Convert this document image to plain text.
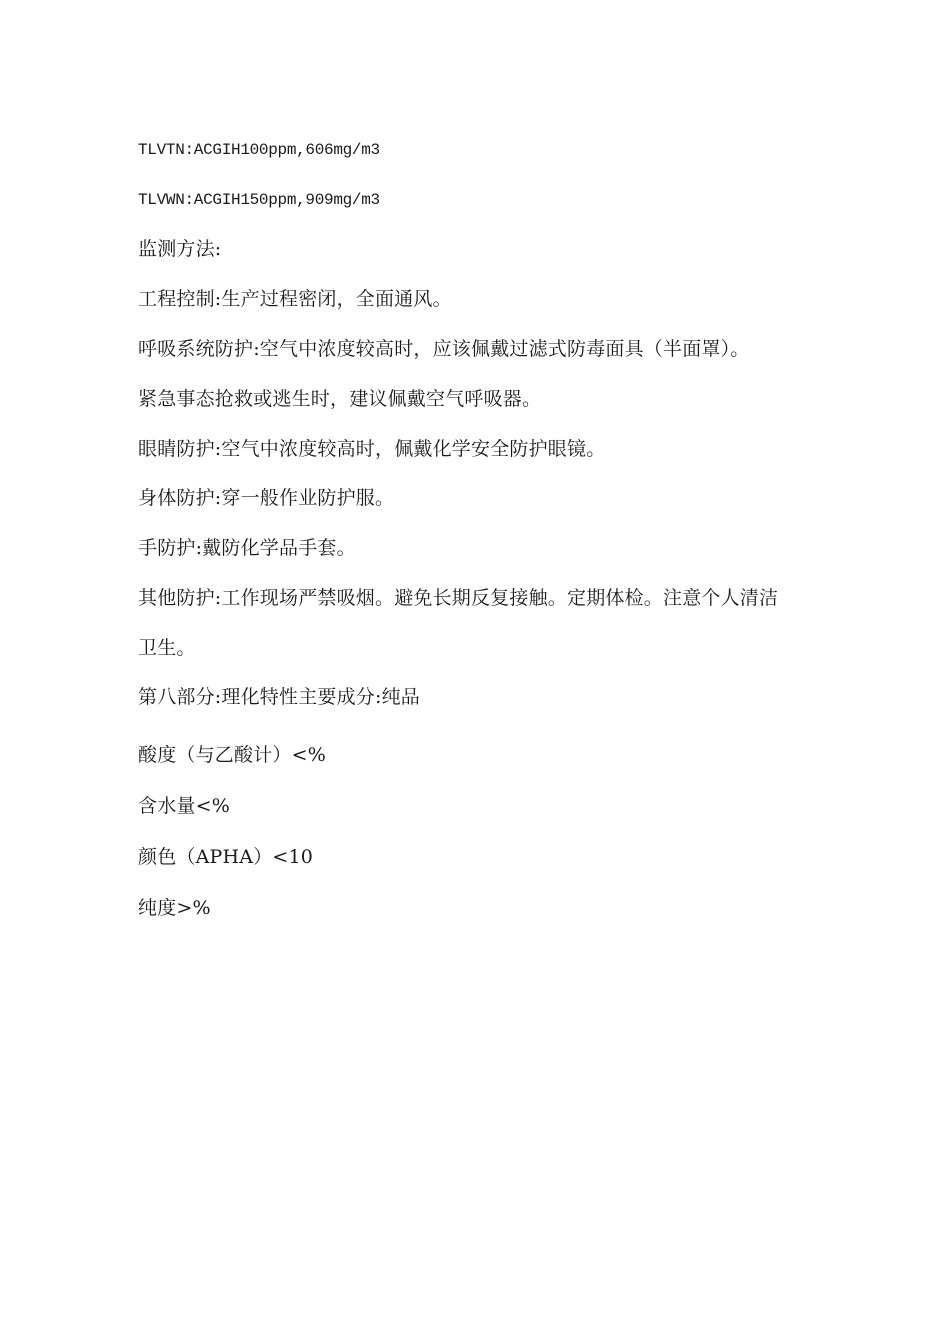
TLVTN:ACGIH100ppm,606mg/m3
TLVWN:ACGIH150ppm,909mg/m3
监测方法:
工程控制:生产过程密闭，全面通风。
呼吸系统防护:空气中浓度较高时，应该佩戴过滤式防毒面具（半面罩）。
紧急事态抢救或逃生时，建议佩戴空气呼吸器。
眼睛防护:空气中浓度较高时，佩戴化学安全防护眼镜。
身体防护:穿一般作业防护服。
手防护:戴防化学品手套。
其他防护:工作现场严禁吸烟。避免长期反复接触。定期体检。注意个人清洁
卫生。
第八部分:理化特性主要成分:纯品
酸度（与乙酸计）<%
含水量<%
颜色（APHA）<10
纯度>%
